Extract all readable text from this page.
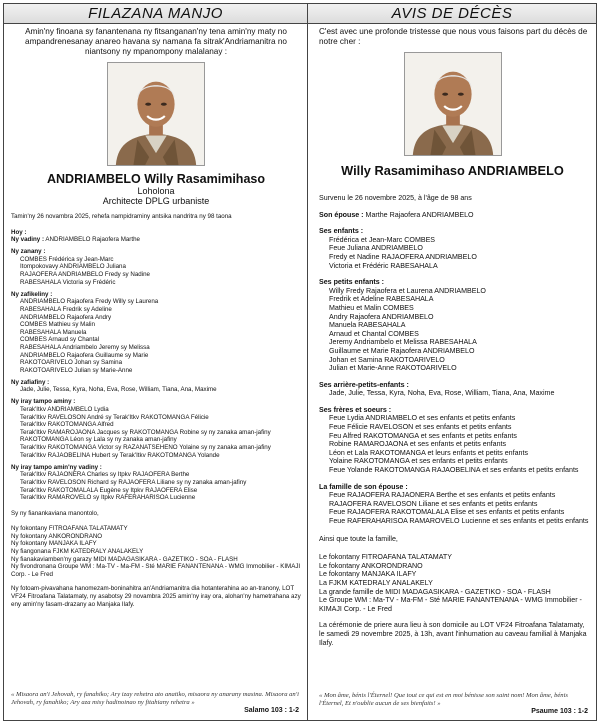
FILAZANA MANJO
Amin'ny finoana sy fanantenana ny fitsanganan'ny tena amin'ny maty no ampandrenesanay anareo havana sy namana fa sitrak'Andriamanitra no niantsony ny mpanompony malalanay :
ANDRIAMBELO Willy Rasamimihaso
Loholona
Architecte DPLG urbaniste
Tamin'ny 26 novambra 2025, rehefa nampidraminy antsika nandritra ny 98 taona
Hoy :
Ny vadiny : ANDRIAMBELO Rajaofera Marthe
Ny zanany :
COMBES Frédérica sy Jean-Marc
Itompokovavy ANDRIAMBELO Juliana
RAJAOFERA ANDRIAMBELO Fredy sy Nadine
RABESAHALA Victoria sy Frédéric
Ny zafikeliny :
ANDRIAMBELO Rajaofera Fredy Willy sy Laurena
RABESAHALA Fredrik sy Adeline
ANDRIAMBELO Rajaofera Andry
COMBES Mathieu sy Malin
RABESAHALA Manuela
COMBES Arnaud sy Chantal
RABESAHALA Andriambelo Jeremy sy Melissa
ANDRIAMBELO Rajaofera Guillaume sy Marie
RAKOTOARIVELO Johan sy Samina
RAKOTOARIVELO Julian sy Marie-Anne
Ny zafiafiny :
Jade, Julie, Tessa, Kyra, Noha, Eva, Rose, William, Tiana, Ana, Maxime
Ny iray tampo aminy :
Terak'Itkv ANDRIAMBELO Lydia
Terak'Itkv RAVELOSON André sy Terak'Itkv RAKOTOMANGA Félicie
Terak'Itkv RAKOTOMANGA Alfred
Terak'Itkv RAMAROJAONA Jacques sy RAKOTOMANGA Robine sy ny zanaka aman-jafiny
RAKOTOMANGA Léon sy Lala sy ny zanaka aman-jafiny
Terak'Itkv RAKOTOMANGA Victor sy RAZANATSEHENO Yolaine sy ny zanaka aman-jafiny
Terak'Itkv RAJAOBELINA Hubert sy Terak'Itkv RAKOTOMANGA Yolande
Ny iray tampo amin'ny vadiny :
Terak'Itkv RAJAONERA Charles sy Itpkv RAJAOFERA Berthe
Terak'Itkv RAVELOSON Richard sy RAJAOFERA Liliane sy ny zanaka aman-jafiny
Terak'Itkv RAKOTOMALALA Eugène sy Itpkv RAJAOFERA Elise
Terak'Itkv RAMAROVELO sy Itpkv RAFERAHARISOA Lucienne
Sy ny fianankaviana manontolo,
Ny fokontany FITROAFANA TALATAMATY
Ny fokontany ANKORONDRANO
Ny fokontany MANJAKA ILAFY
Ny fiangonana FJKM KATEDRALY ANALAKELY
Ny fianakaviamben'ny garazy MIDI MADAGASIKARA - GAZETIKO - SOA - FLASH
Ny fivondronana Groupe WM : Ma-TV - Ma-FM - Sté MARIE FANANTENANA - WMG Immobilier - KIMAJI Corp. - Le Fred
Ny fotoam-pivavahana hanomezam-boninahitra an'Andriamanitra dia hotanterahina ao an-tranony, LOT VF24 Fitroafana Talatamaty, ny asabotsy 29 novambra 2025 amin'ny iray ora, alohan'ny hametrahana azy eny amin'ny fasam-drazany ao Manjaka Ilafy.
« Misaora an'i Jehovah, ry fanahiko; Ary izay rehetra ato anatiko, misaora ny anarany masina. Misaora an'i Jehovah, ry fanahiko; Ary aza misy hadinoinao ny fitahiany rehetra »
Salamo 103 : 1-2
AVIS DE DÉCÈS
C'est avec une profonde tristesse que nous vous faisons part du décès de notre cher :
Willy Rasamimihaso ANDRIAMBELO
Survenu le 26 novembre 2025, à l'âge de 98 ans
Son épouse : Marthe Rajaofera ANDRIAMBELO
Ses enfants :
Frédérica et Jean-Marc COMBES
Feue Juliana ANDRIAMBELO
Fredy et Nadine RAJAOFERA ANDRIAMBELO
Victoria et Frédéric RABESAHALA
Ses petits enfants :
Willy Fredy Rajaofera et Laurena ANDRIAMBELO
Fredrik et Adeline RABESAHALA
Mathieu et Malin COMBES
Andry Rajaofera ANDRIAMBELO
Manuela RABESAHALA
Arnaud et Chantal COMBES
Jeremy Andriambelo et Melissa RABESAHALA
Guillaume et Marie Rajaofera ANDRIAMBELO
Johan et Samina RAKOTOARIVELO
Julian et Marie-Anne RAKOTOARIVELO
Ses arrière-petits-enfants :
Jade, Julie, Tessa, Kyra, Noha, Eva, Rose, William, Tiana, Ana, Maxime
Ses frères et soeurs :
Feue Lydia ANDRIAMBELO et ses enfants et petits enfants
Feue Félicie RAVELOSON et ses enfants et petits enfants
Feu Alfred RAKOTOMANGA et ses enfants et petits enfants
Robine RAMAROJAONA et ses enfants et petits enfants
Léon et Lala RAKOTOMANGA et leurs enfants et petits enfants
Yolaine RAKOTOMANGA et ses enfants et petits enfants
Feue Yolande RAKOTOMANGA RAJAOBELINA et ses enfants et petits enfants
La famille de son épouse :
Feue RAJAOFERA RAJAONERA Berthe et ses enfants et petits enfants
RAJAOFERA RAVELOSON Liliane et ses enfants et petits enfants
Feue RAJAOFERA RAKOTOMALALA Elise et ses enfants et petits enfants
Feue RAFERAHARISOA RAMAROVELO Lucienne et ses enfants et petits enfants
Ainsi que toute la famille,
Le fokontany FITROAFANA TALATAMATY
Le fokontany ANKORONDRANO
Le fokontany MANJAKA ILAFY
La FJKM KATEDRALY ANALAKELY
La grande famille de MIDI MADAGASIKARA - GAZETIKO - SOA - FLASH
Le Groupe WM : Ma-TV - Ma-FM - Sté MARIE FANANTENANA - WMG Immobilier - KIMAJI Corp. - Le Fred
La cérémonie de priere aura lieu à son domicile au LOT VF24 Fitroafana Talatamaty, le samedi 29 novembre 2025, à 13h, avant l'inhumation au caveau familial à Manjaka Ilafy.
« Mon âme, bénis l'Éternel! Que tout ce qui est en moi bénisse son saint nom! Mon âme, bénis l'Éternel, Et n'oublie aucun de ses bienfaits! »
Psaume 103 : 1-2
